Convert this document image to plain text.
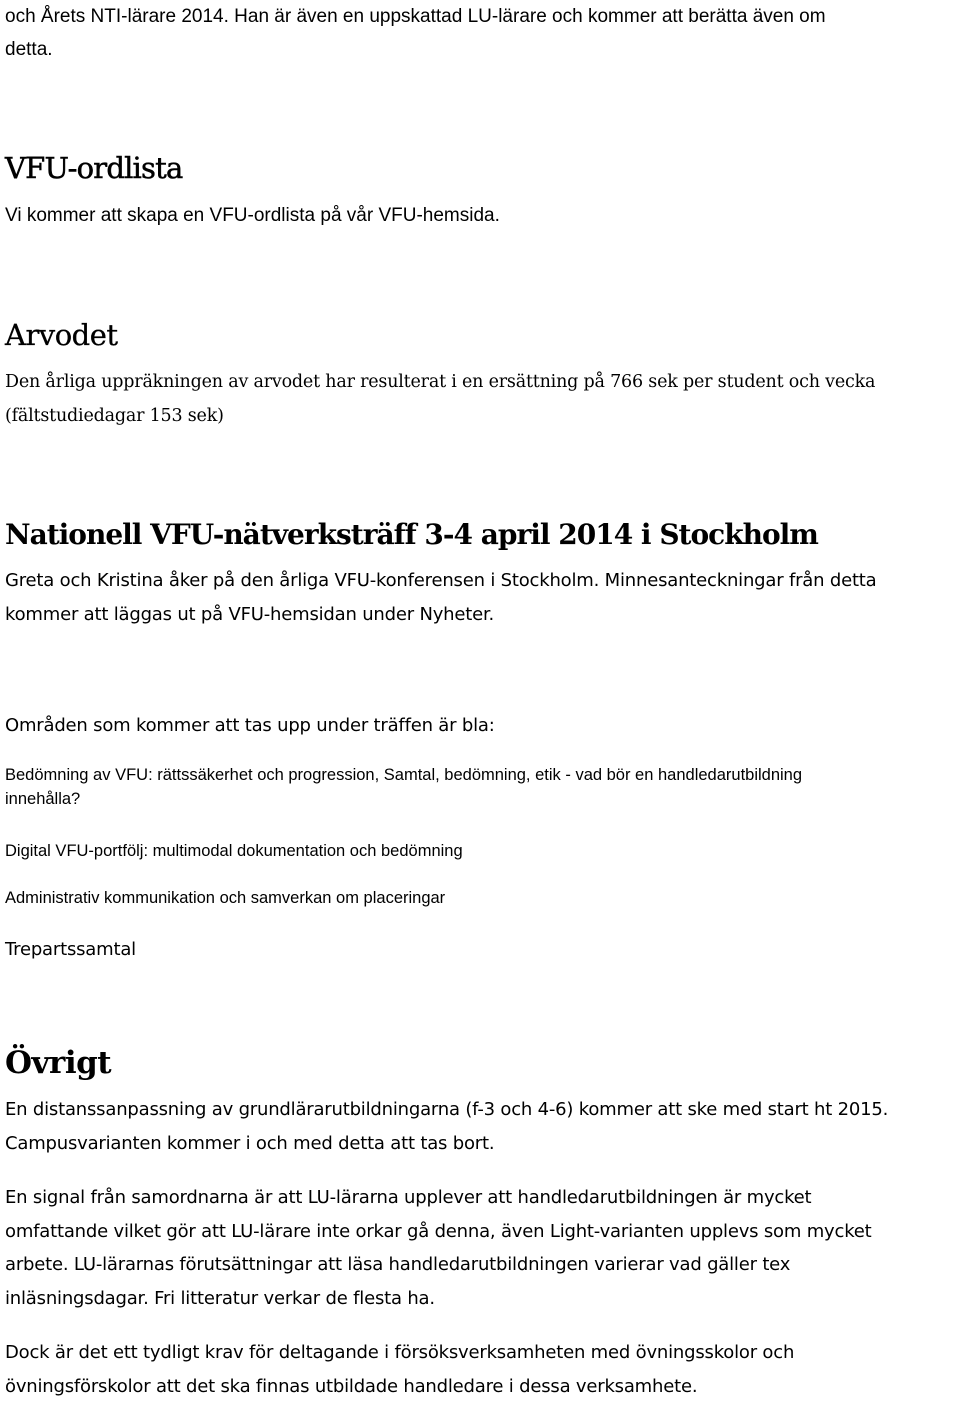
och Årets NTI-lärare 2014. Han är även en uppskattad LU-lärare och kommer att berätta även om
detta.
VFU-ordlista
Vi kommer att skapa en VFU-ordlista på vår VFU-hemsida.
Arvodet
Den årliga uppräkningen av arvodet har resulterat i en ersättning på 766 sek per student och vecka
(fältstudiedagar 153 sek)
Nationell VFU-nätverksträff 3-4 april 2014 i Stockholm
Greta och Kristina åker på den årliga VFU-konferensen i Stockholm. Minnesanteckningar från detta
kommer att läggas ut på VFU-hemsidan under Nyheter.
Områden som kommer att tas upp under träffen är bla:
Bedömning av VFU: rättssäkerhet och progression, Samtal, bedömning, etik - vad bör en handledarutbildning
innehålla?
Digital VFU-portfölj: multimodal dokumentation och bedömning
Administrativ kommunikation och samverkan om placeringar
Trepartssamtal
Övrigt
En distanssanpassning av grundlärarutbildningarna (f-3 och 4-6) kommer att ske med start ht 2015.
Campusvarianten kommer i och med detta att tas bort.
En signal från samordnarna är att LU-lärarna upplever att handledarutbildningen är mycket
omfattande vilket gör att LU-lärare inte orkar gå denna, även Light-varianten upplevs som mycket
arbete. LU-lärarnas förutsättningar att läsa handledarutbildningen varierar vad gäller tex
inläsningsdagar. Fri litteratur verkar de flesta ha.
Dock är det ett tydligt krav för deltagande i försöksverksamheten med övningsskolor och
övningsförskolor att det ska finnas utbildade handledare i dessa verksamhete.
